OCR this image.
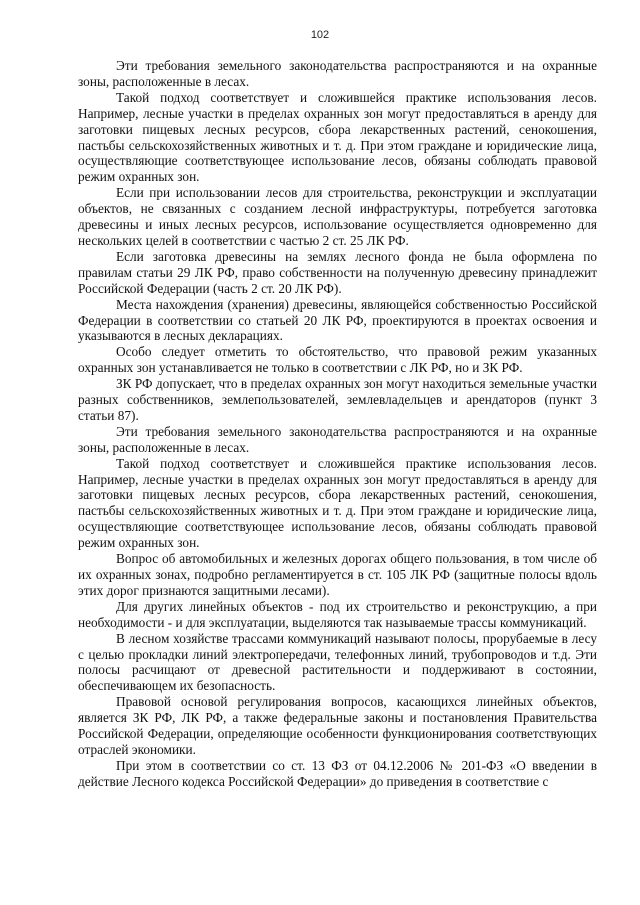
102

Эти требования земельного законодательства распространяются и на охранные зоны, расположенные в лесах.

Такой подход соответствует и сложившейся практике использования лесов. Например, лесные участки в пределах охранных зон могут предоставляться в аренду для заготовки пищевых лесных ресурсов, сбора лекарственных растений, сенокошения, пастьбы сельскохозяйственных животных и т. д. При этом граждане и юридические лица, осуществляющие соответствующее использование лесов, обязаны соблюдать правовой режим охранных зон.

Если при использовании лесов для строительства, реконструкции и эксплуатации объектов, не связанных с созданием лесной инфраструктуры, потребуется заготовка древесины и иных лесных ресурсов, использование осуществляется одновременно для нескольких целей в соответствии с частью 2 ст. 25 ЛК РФ.

Если заготовка древесины на землях лесного фонда не была оформлена по правилам статьи 29 ЛК РФ, право собственности на полученную древесину принадлежит Российской Федерации (часть 2 ст. 20 ЛК РФ).

Места нахождения (хранения) древесины, являющейся собственностью Российской Федерации в соответствии со статьей 20 ЛК РФ, проектируются в проектах освоения и указываются в лесных декларациях.

Особо следует отметить то обстоятельство, что правовой режим указанных охранных зон устанавливается не только в соответствии с ЛК РФ, но и ЗК РФ.

ЗК РФ допускает, что в пределах охранных зон могут находиться земельные участки разных собственников, землепользователей, землевладельцев и арендаторов (пункт 3 статьи 87).

Эти требования земельного законодательства распространяются и на охранные зоны, расположенные в лесах.

Такой подход соответствует и сложившейся практике использования лесов. Например, лесные участки в пределах охранных зон могут предоставляться в аренду для заготовки пищевых лесных ресурсов, сбора лекарственных растений, сенокошения, пастьбы сельскохозяйственных животных и т. д. При этом граждане и юридические лица, осуществляющие соответствующее использование лесов, обязаны соблюдать правовой режим охранных зон.

Вопрос об автомобильных и железных дорогах общего пользования, в том числе об их охранных зонах, подробно регламентируется в ст. 105 ЛК РФ (защитные полосы вдоль этих дорог признаются защитными лесами).

Для других линейных объектов - под их строительство и реконструкцию, а при необходимости - и для эксплуатации, выделяются так называемые трассы коммуникаций.

В лесном хозяйстве трассами коммуникаций называют полосы, прорубаемые в лесу с целью прокладки линий электропередачи, телефонных линий, трубопроводов и т.д. Эти полосы расчищают от древесной растительности и поддерживают в состоянии, обеспечивающем их безопасность.

Правовой основой регулирования вопросов, касающихся линейных объектов, является ЗК РФ, ЛК РФ, а также федеральные законы и постановления Правительства Российской Федерации, определяющие особенности функционирования соответствующих отраслей экономики.

При этом в соответствии со ст. 13 ФЗ от 04.12.2006 № 201-ФЗ «О введении в действие Лесного кодекса Российской Федерации» до приведения в соответствие с
